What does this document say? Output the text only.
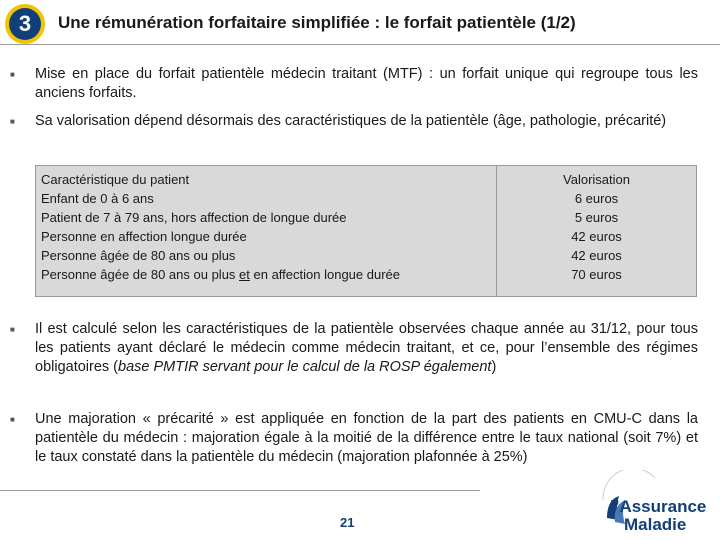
3	Une rémunération forfaitaire simplifiée : le forfait patientèle (1/2)
■ Mise en place du forfait patientèle médecin traitant (MTF) : un forfait unique qui regroupe tous les anciens forfaits.
■ Sa valorisation dépend désormais des caractéristiques de la patientèle (âge, pathologie, précarité)
Caractéristique du patient
Enfant de 0 à 6 ans
Patient de 7 à 79 ans, hors affection de longue durée
Personne en affection longue durée
Personne âgée de 80 ans ou plus
Personne âgée de 80 ans ou plus et en affection longue durée
Valorisation
6 euros
5 euros
42 euros
42 euros
70 euros
■ Il est calculé selon les caractéristiques de la patientèle observées chaque année au 31/12, pour tous les patients ayant déclaré le médecin comme médecin traitant, et ce, pour l’ensemble des régimes obligatoires (base PMTIR servant pour le calcul de la ROSP également)
■ Une majoration « précarité » est appliquée en fonction de la part des patients en CMU-C dans la patientèle du médecin : majoration égale à la moitié de la différence entre le taux national (soit 7%) et le taux constaté dans la patientèle du médecin (majoration plafonnée à 25%)
21
l’Assurance
Maladie
